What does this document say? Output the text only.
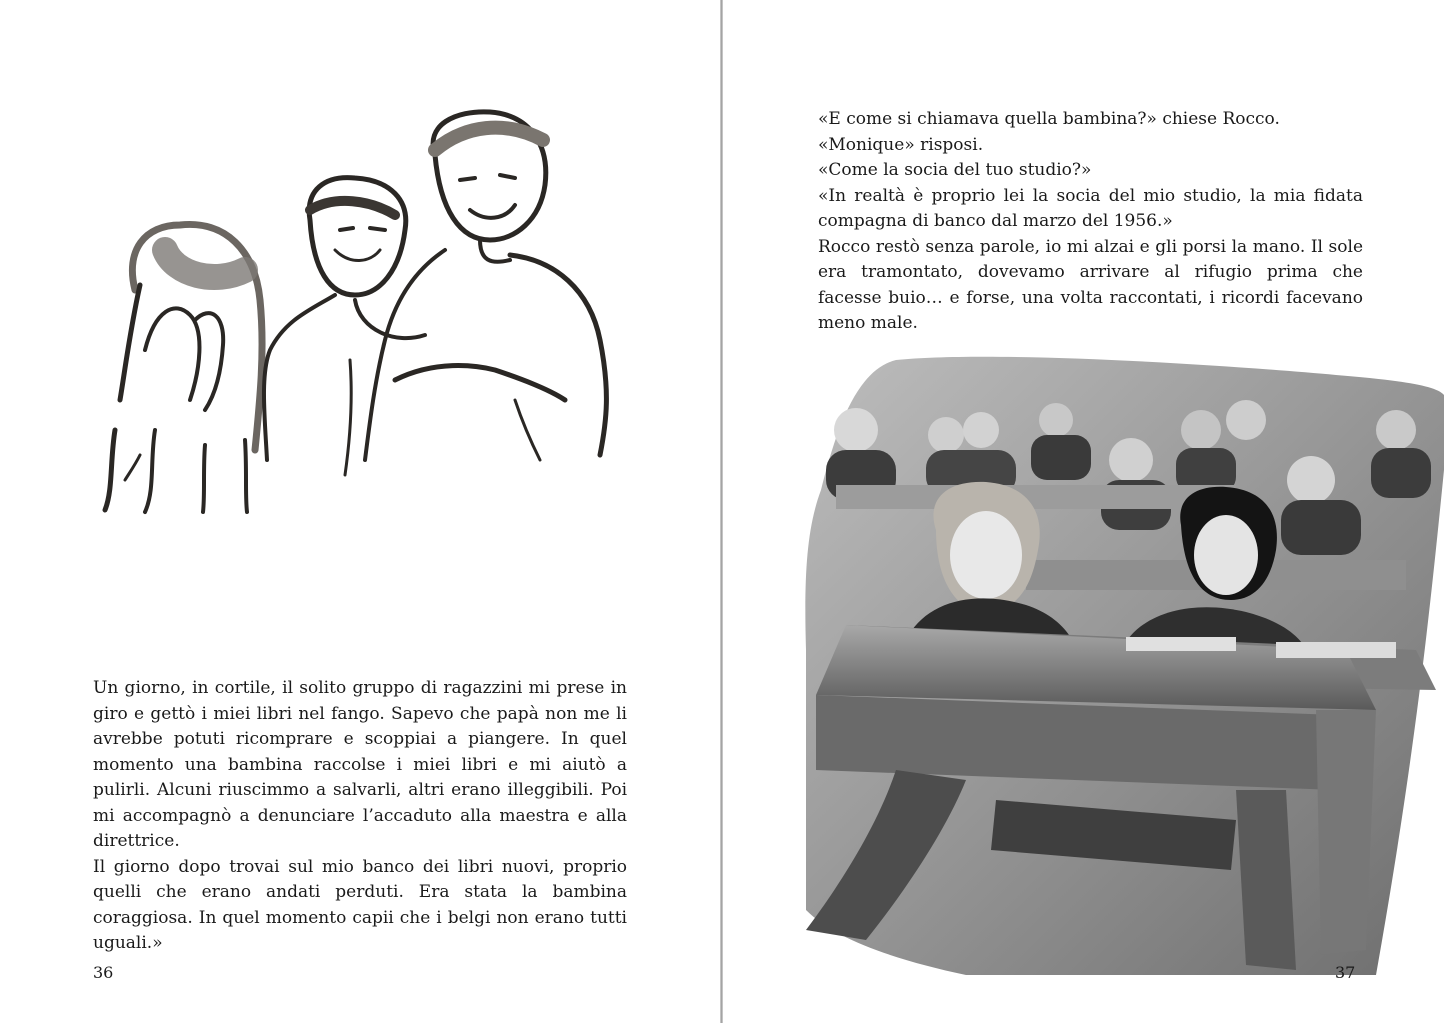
Un giorno, in cortile, il solito gruppo di ragazzini mi prese in giro e gettò i miei libri nel fango. Sapevo che papà non me li avrebbe potuti ricomprare e scoppiai a piangere. In quel momento una bambina raccolse i miei libri e mi aiutò a pulirli. Alcuni riuscimmo a salvarli, altri erano illeggibili. Poi mi accompagnò a denunciare l’accaduto alla maestra e alla direttrice.

Il giorno dopo trovai sul mio banco dei libri nuovi, proprio quelli che erano andati perduti. Era stata la bambina coraggiosa. In quel momento capii che i belgi non erano tutti uguali.»

36

«E come si chiamava quella bambina?» chiese Rocco.

«Monique» risposi.

«Come la socia del tuo studio?»

«In realtà è proprio lei la socia del mio studio, la mia fidata compagna di banco dal marzo del 1956.»

Rocco restò senza parole, io mi alzai e gli porsi la mano. Il sole era tramontato, dovevamo arrivare al rifugio prima che facesse buio… e forse, una volta raccontati, i ricordi facevano meno male.

37
